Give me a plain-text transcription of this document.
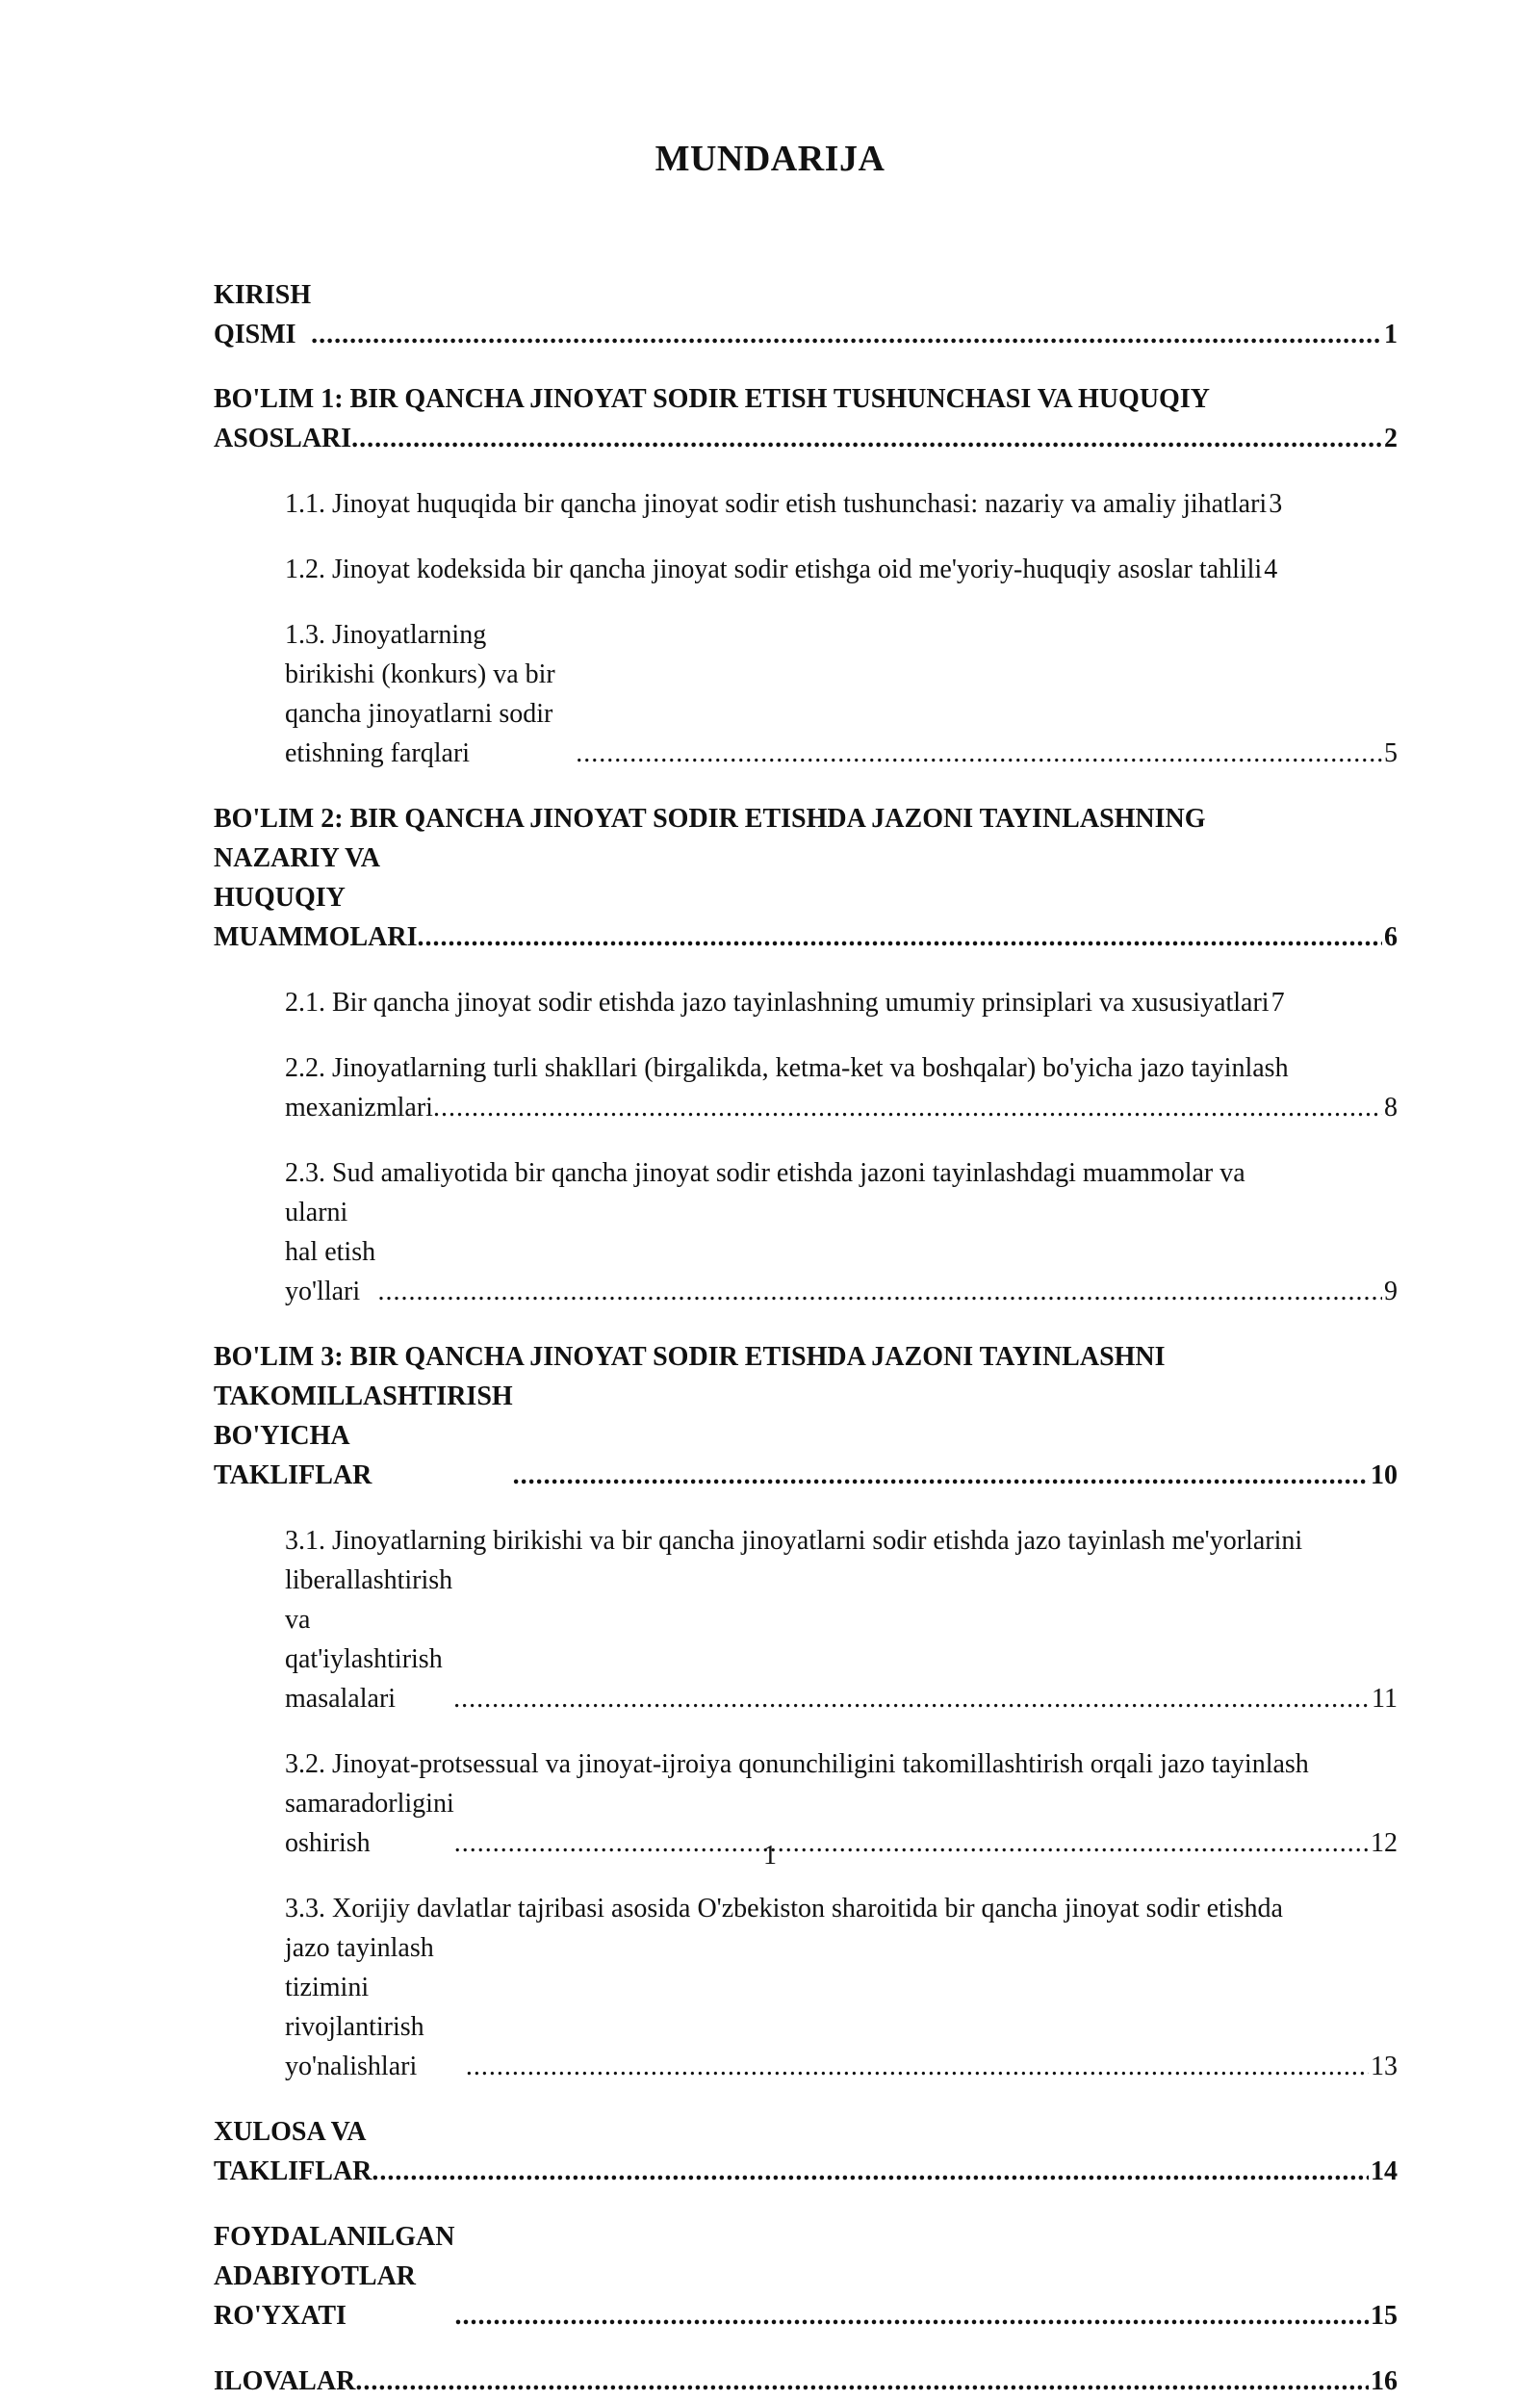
MUNDARIJA
KIRISH QISMI .....	1
BO'LIM 1: BIR QANCHA JINOYAT SODIR ETISH TUSHUNCHASI VA HUQUQIY
ASOSLARI .....	2
1.1. Jinoyat huquqida bir qancha jinoyat sodir etish tushunchasi: nazariy va amaliy jihatlari 3
1.2. Jinoyat kodeksida bir qancha jinoyat sodir etishga oid me'yoriy-huquqiy asoslar tahlili 4
1.3. Jinoyatlarning birikishi (konkurs) va bir qancha jinoyatlarni sodir etishning farqlari .....	5
BO'LIM 2: BIR QANCHA JINOYAT SODIR ETISHDA JAZONI TAYINLASHNING
NAZARIY VA HUQUQIY MUAMMOLARI .....	6
2.1. Bir qancha jinoyat sodir etishda jazo tayinlashning umumiy prinsiplari va xususiyatlari 7
2.2. Jinoyatlarning turli shakllari (birgalikda, ketma-ket va boshqalar) bo'yicha jazo tayinlash
mexanizmlari .....	8
2.3. Sud amaliyotida bir qancha jinoyat sodir etishda jazoni tayinlashdagi muammolar va
ularni hal etish yo'llari .....	9
BO'LIM 3: BIR QANCHA JINOYAT SODIR ETISHDA JAZONI TAYINLASHNI
TAKOMILLASHTIRISH BO'YICHA TAKLIFLAR .....	10
3.1. Jinoyatlarning birikishi va bir qancha jinoyatlarni sodir etishda jazo tayinlash me'yorlarini
liberallashtirish va qat'iylashtirish masalalari .....	11
3.2. Jinoyat-protsessual va jinoyat-ijroiya qonunchiligini takomillashtirish orqali jazo tayinlash
samaradorligini oshirish .....	12
3.3. Xorijiy davlatlar tajribasi asosida O'zbekiston sharoitida bir qancha jinoyat sodir etishda
jazo tayinlash tizimini rivojlantirish yo'nalishlari .....	13
XULOSA VA TAKLIFLAR .....	14
FOYDALANILGAN ADABIYOTLAR RO'YXATI .....	15
ILOVALAR .....	16
1
